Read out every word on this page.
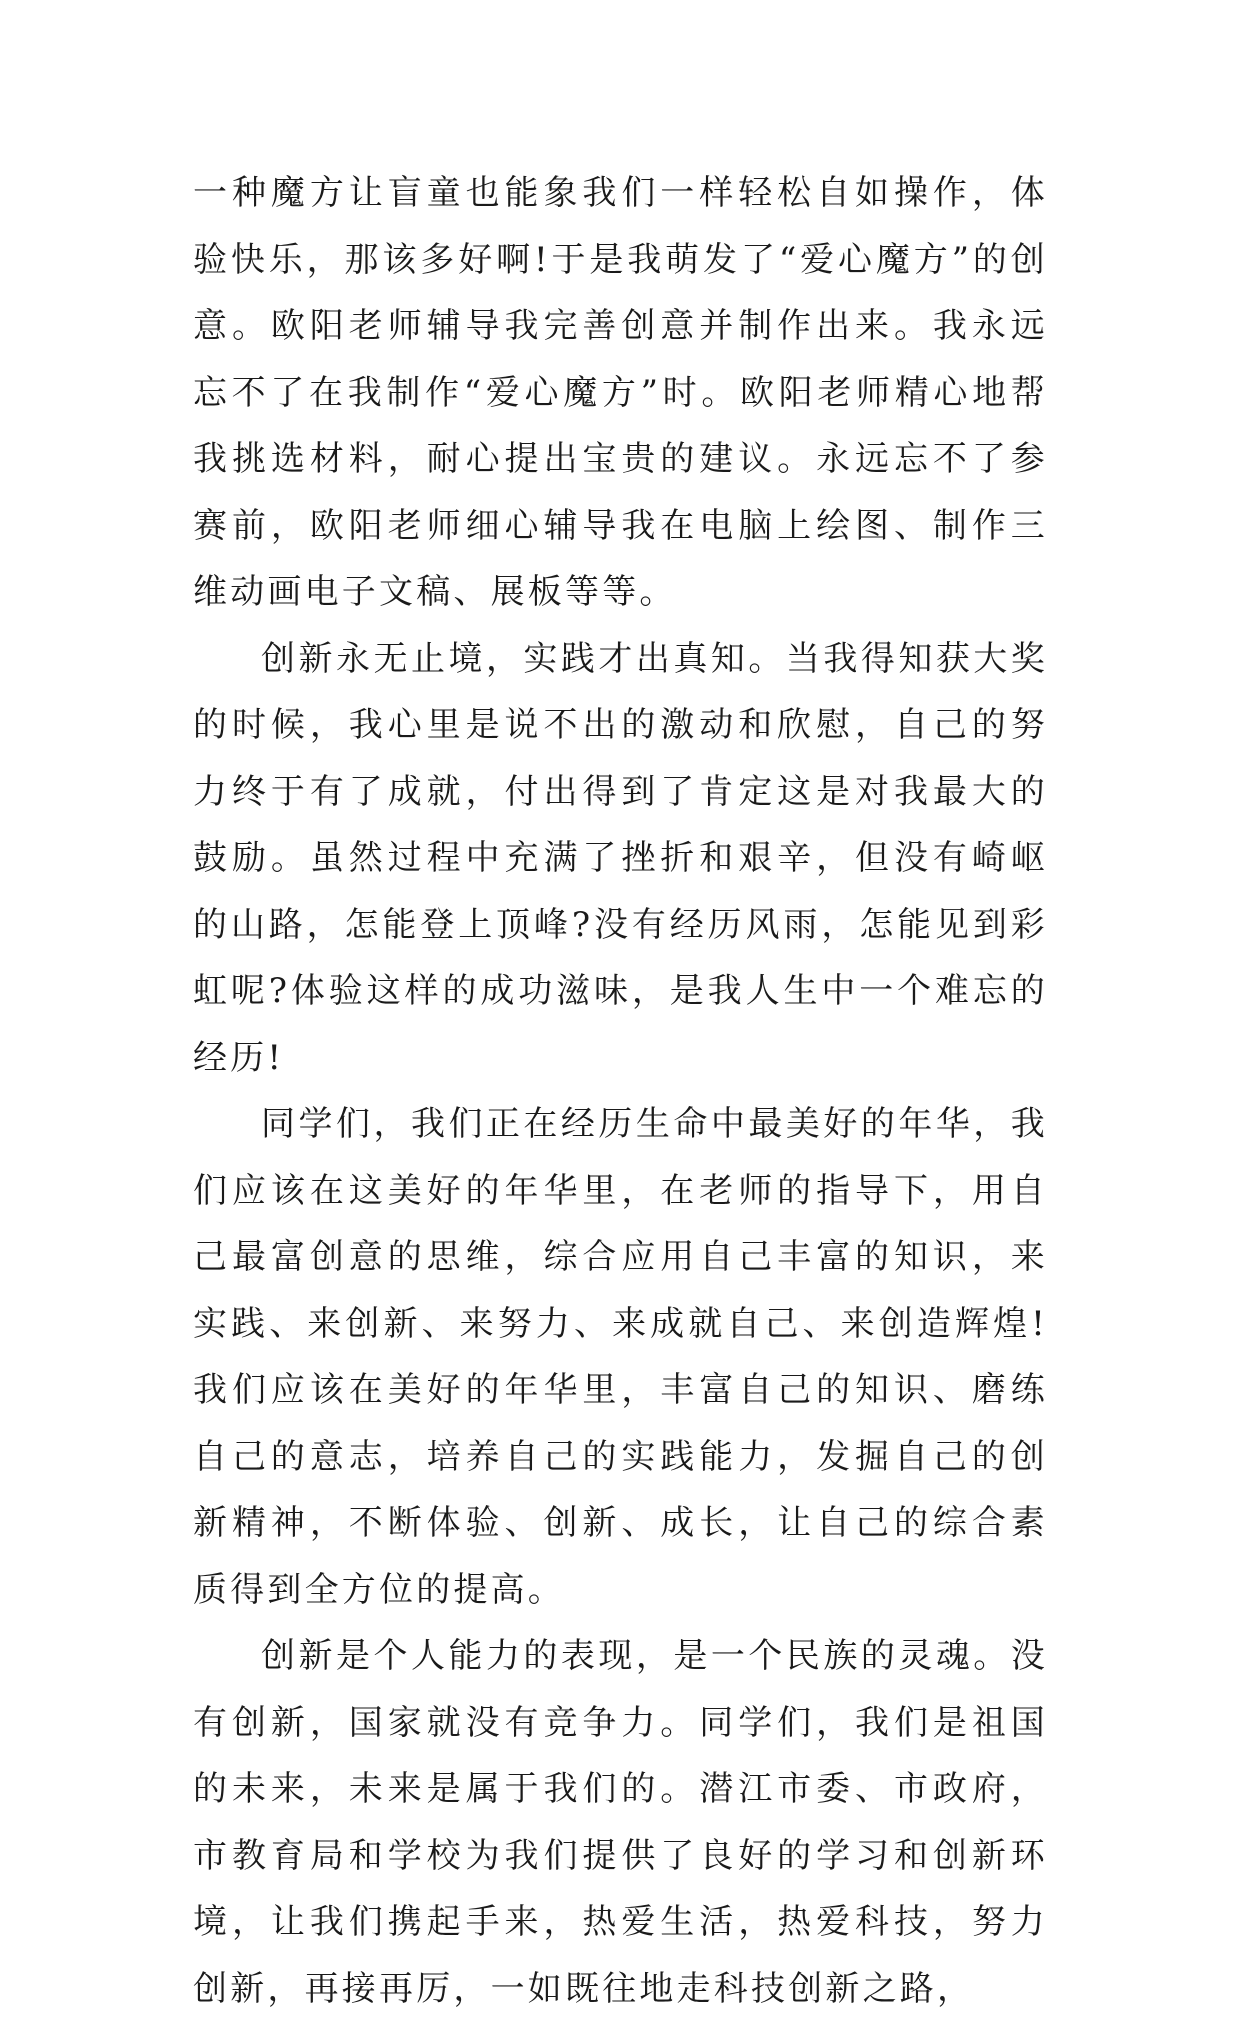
一种魔方让盲童也能象我们一样轻松自如操作，体验快乐，那该多好啊!于是我萌发了“爱心魔方”的创意。欧阳老师辅导我完善创意并制作出来。我永远忘不了在我制作“爱心魔方”时。欧阳老师精心地帮我挑选材料，耐心提出宝贵的建议。永远忘不了参赛前，欧阳老师细心辅导我在电脑上绘图、制作三维动画电子文稿、展板等等。

创新永无止境，实践才出真知。当我得知获大奖的时候，我心里是说不出的激动和欣慰，自己的努力终于有了成就，付出得到了肯定这是对我最大的鼓励。虽然过程中充满了挫折和艰辛，但没有崎岖的山路，怎能登上顶峰?没有经历风雨，怎能见到彩虹呢?体验这样的成功滋味，是我人生中一个难忘的经历!

同学们，我们正在经历生命中最美好的年华，我们应该在这美好的年华里，在老师的指导下，用自己最富创意的思维，综合应用自己丰富的知识，来实践、来创新、来努力、来成就自己、来创造辉煌!我们应该在美好的年华里，丰富自己的知识、磨练自己的意志，培养自己的实践能力，发掘自己的创新精神，不断体验、创新、成长，让自己的综合素质得到全方位的提高。

创新是个人能力的表现，是一个民族的灵魂。没有创新，国家就没有竞争力。同学们，我们是祖国的未来，未来是属于我们的。潜江市委、市政府，市教育局和学校为我们提供了良好的学习和创新环境，让我们携起手来，热爱生活，热爱科技，努力创新，再接再厉，一如既往地走科技创新之路，
